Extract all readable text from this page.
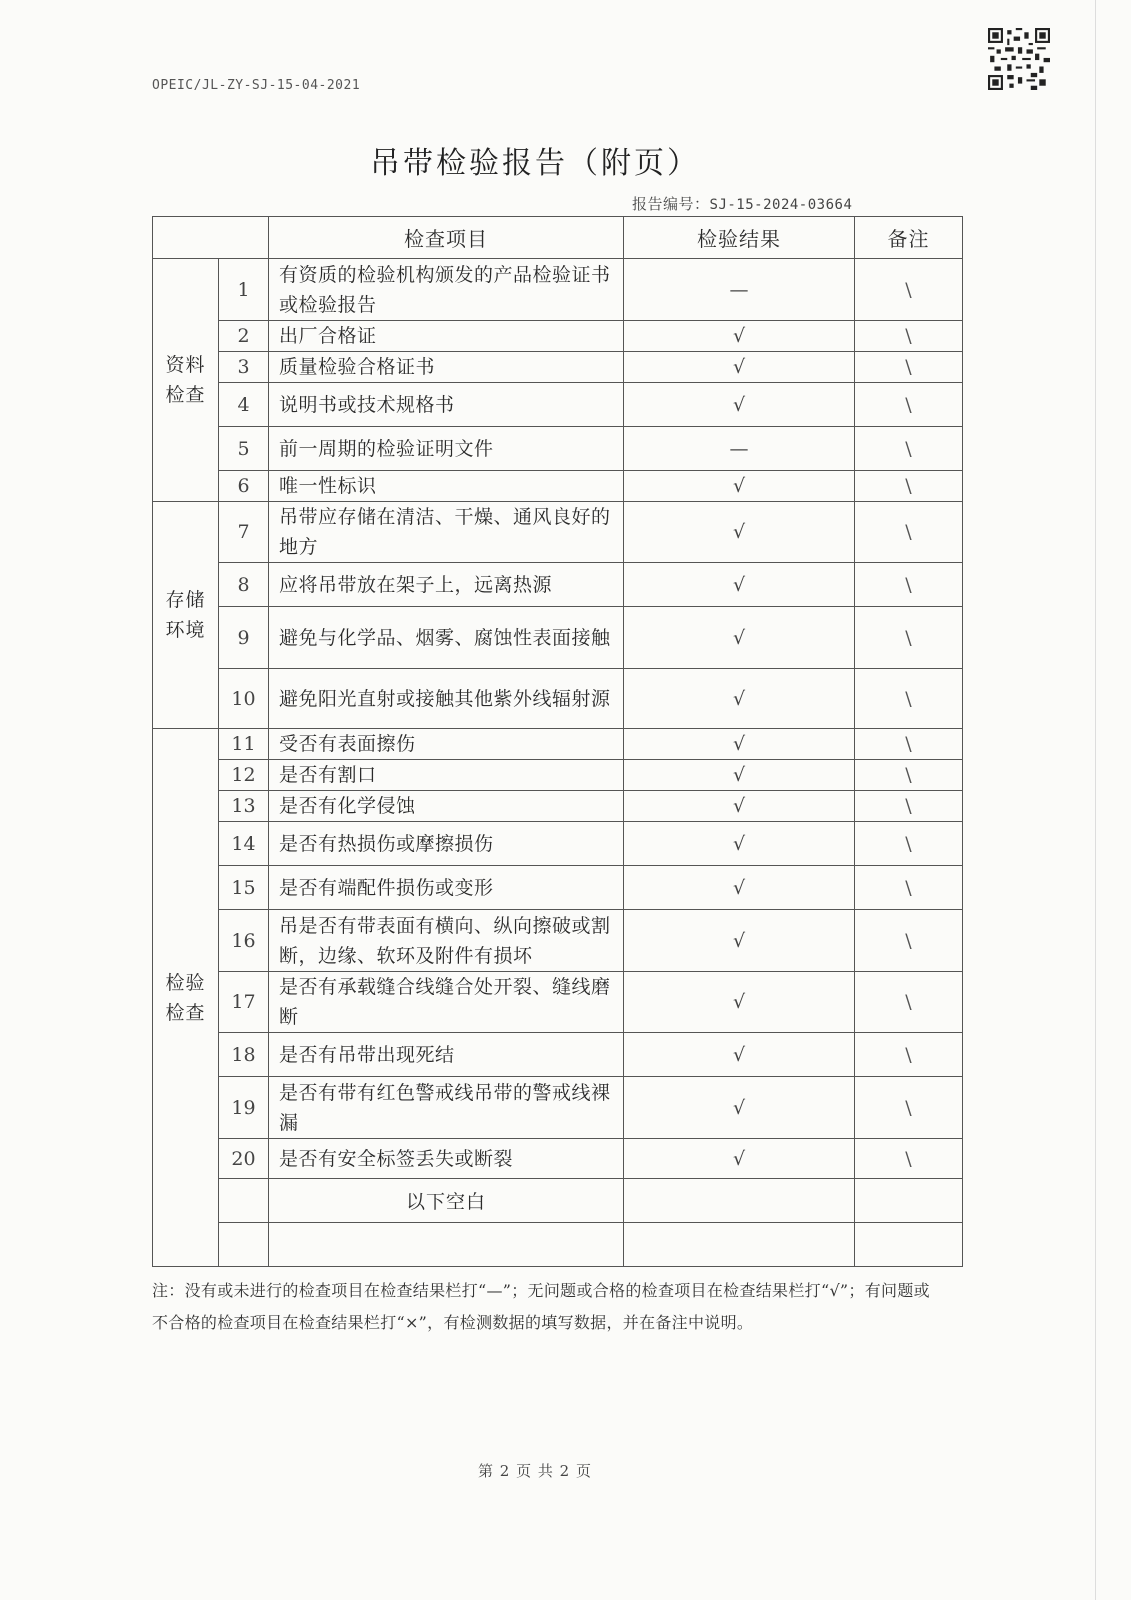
OPEIC/JL-ZY-SJ-15-04-2021
吊带检验报告（附页）
报告编号：SJ-15-2024-03664
		检查项目	检验结果	备注
资料检查	1	有资质的检验机构颁发的产品检验证书或检验报告	—	\
	2	出厂合格证	√	\
	3	质量检验合格证书	√	\
	4	说明书或技术规格书	√	\
	5	前一周期的检验证明文件	—	\
	6	唯一性标识	√	\
存储环境	7	吊带应存储在清洁、干燥、通风良好的地方	√	\
	8	应将吊带放在架子上，远离热源	√	\
	9	避免与化学品、烟雾、腐蚀性表面接触	√	\
	10	避免阳光直射或接触其他紫外线辐射源	√	\
检验检查	11	受否有表面擦伤	√	\
	12	是否有割口	√	\
	13	是否有化学侵蚀	√	\
	14	是否有热损伤或摩擦损伤	√	\
	15	是否有端配件损伤或变形	√	\
	16	吊是否有带表面有横向、纵向擦破或割断，边缘、软环及附件有损坏	√	\
	17	是否有承载缝合线缝合处开裂、缝线磨断	√	\
	18	是否有吊带出现死结	√	\
	19	是否有带有红色警戒线吊带的警戒线裸漏	√	\
	20	是否有安全标签丢失或断裂	√	\
		以下空白		

注：没有或未进行的检查项目在检查结果栏打“—”；无问题或合格的检查项目在检查结果栏打“√”；有问题或不合格的检查项目在检查结果栏打“×”，有检测数据的填写数据，并在备注中说明。
第 2 页 共 2 页
